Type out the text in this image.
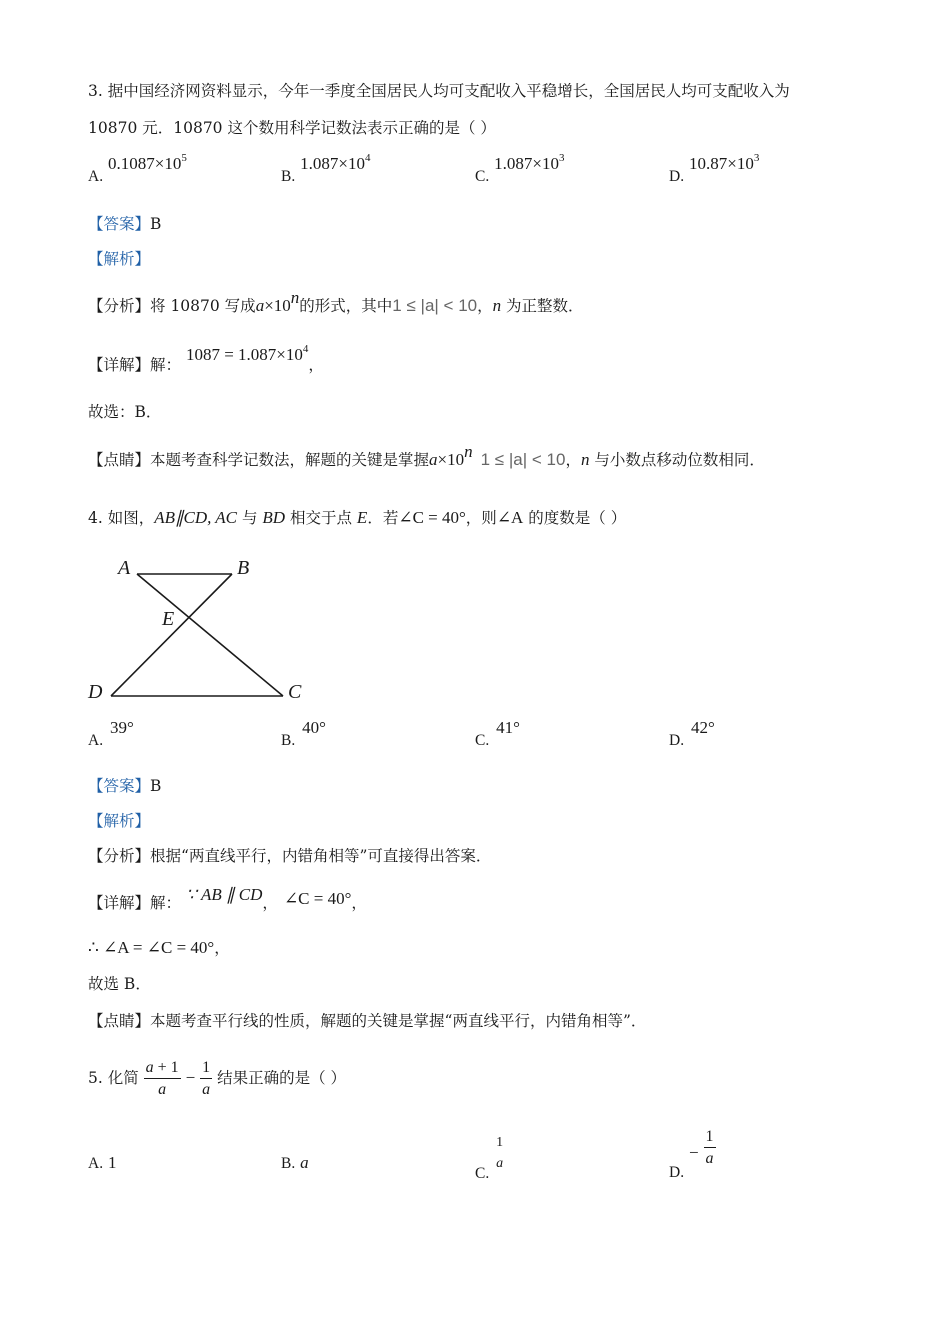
3. 据中国经济网资料显示，今年一季度全国居民人均可支配收入平稳增长，全国居民人均可支配收入为
10870 元．10870 这个数用科学记数法表示正确的是（ ）
A. $0.1087\times 10^5$
B. $1.087\times 10^4$
C. $1.087\times 10^3$
D. $10.87\times 10^3$
【答案】B
【解析】
【分析】将 10870 写成$a\times 10^n$的形式，其中1 ≤ |a| < 10，n 为正整数．
【详解】解： $1087 = 1.087\times 10^4$，
故选：B．
【点睛】本题考查科学记数法，解题的关键是掌握$a\times 10^n$ 1 ≤ |a| < 10，n 与小数点移动位数相同．
4. 如图，AB∥CD, AC 与 BD 相交于点 E．若∠C = 40°，则∠A 的度数是（ ）
A	B
E
D	C
A. 39°
B. 40°
C. 41°
D. 42°
【答案】B
【解析】
【分析】根据“两直线平行，内错角相等”可直接得出答案．
【详解】解： ∵ AB ∥ CD， ∠C = 40°，
∴ ∠A = ∠C = 40°，
故选 B．
【点睛】本题考查平行线的性质，解题的关键是掌握“两直线平行，内错角相等”．
5. 化简 $\frac{a + 1}{a} - \frac{1}{a}$ 结果正确的是（ ）
A. 1	B. a
C.
1
a
D. − $\frac{1}{a}$
